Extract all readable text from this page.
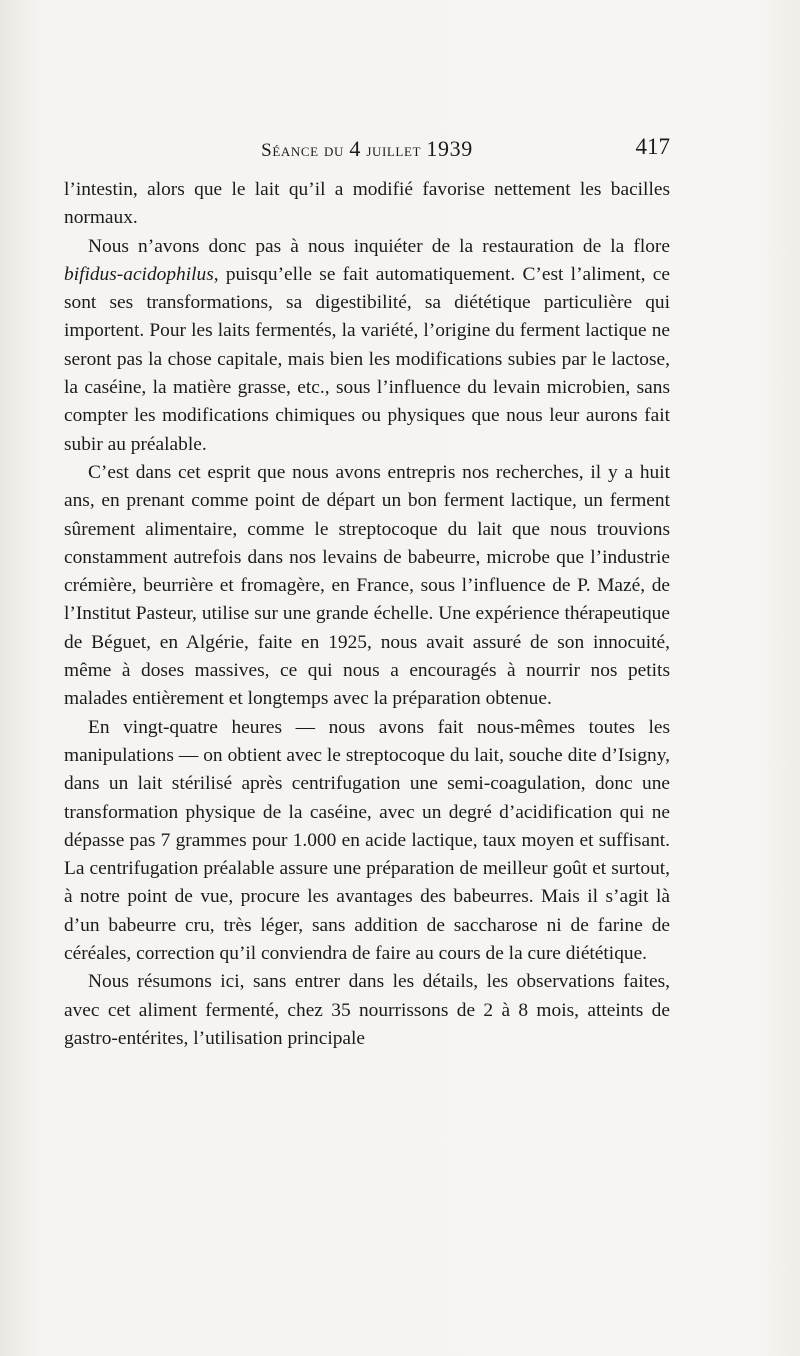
Séance du 4 juillet 1939	417

l’intestin, alors que le lait qu’il a modifié favorise nettement les bacilles normaux.

Nous n’avons donc pas à nous inquiéter de la restauration de la flore bifidus-acidophilus, puisqu’elle se fait automatiquement. C’est l’aliment, ce sont ses transformations, sa digestibilité, sa diététique particulière qui importent. Pour les laits fermentés, la variété, l’origine du ferment lactique ne seront pas la chose capitale, mais bien les modifications subies par le lactose, la caséine, la matière grasse, etc., sous l’influence du levain microbien, sans compter les modifications chimiques ou physiques que nous leur aurons fait subir au préalable.

C’est dans cet esprit que nous avons entrepris nos recherches, il y a huit ans, en prenant comme point de départ un bon ferment lactique, un ferment sûrement alimentaire, comme le streptocoque du lait que nous trouvions constamment autrefois dans nos levains de babeurre, microbe que l’industrie crémière, beurrière et fromagère, en France, sous l’influence de P. Mazé, de l’Institut Pasteur, utilise sur une grande échelle. Une expérience thérapeutique de Béguet, en Algérie, faite en 1925, nous avait assuré de son innocuité, même à doses massives, ce qui nous a encouragés à nourrir nos petits malades entièrement et longtemps avec la préparation obtenue.

En vingt-quatre heures — nous avons fait nous-mêmes toutes les manipulations — on obtient avec le streptocoque du lait, souche dite d’Isigny, dans un lait stérilisé après centrifugation une semi-coagulation, donc une transformation physique de la caséine, avec un degré d’acidification qui ne dépasse pas 7 grammes pour 1.000 en acide lactique, taux moyen et suffisant. La centrifugation préalable assure une préparation de meilleur goût et surtout, à notre point de vue, procure les avantages des babeurres. Mais il s’agit là d’un babeurre cru, très léger, sans addition de saccharose ni de farine de céréales, correction qu’il conviendra de faire au cours de la cure diététique.

Nous résumons ici, sans entrer dans les détails, les observations faites, avec cet aliment fermenté, chez 35 nourrissons de 2 à 8 mois, atteints de gastro-entérites, l’utilisation principale
